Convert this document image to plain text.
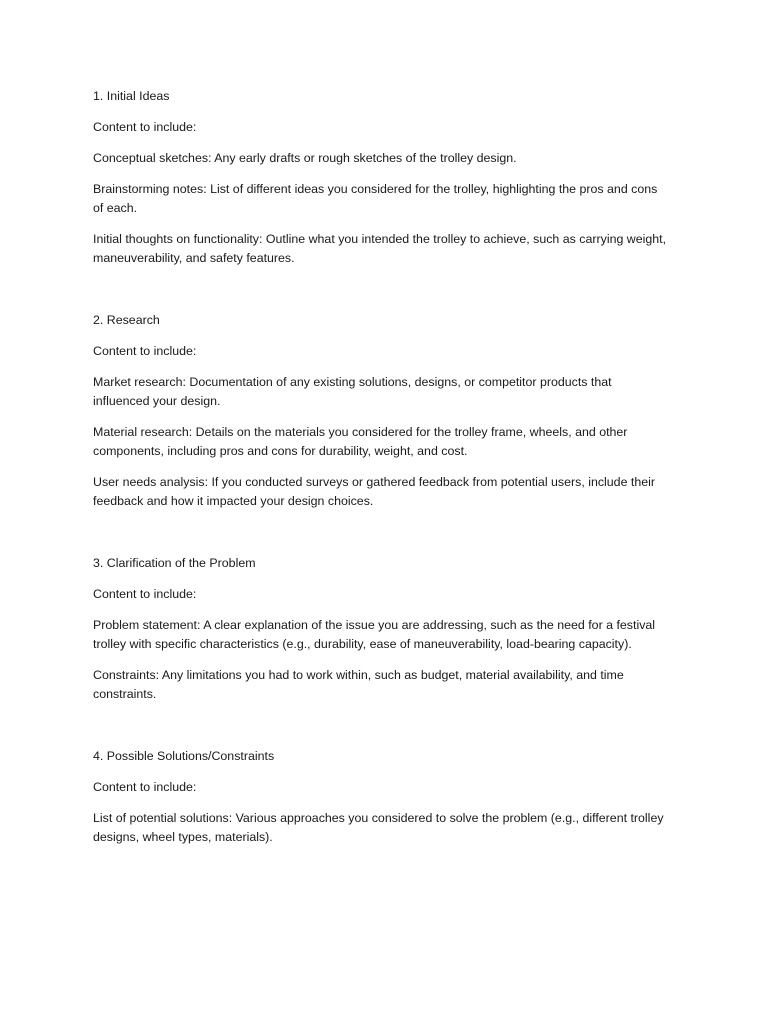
1. Initial Ideas

Content to include:

Conceptual sketches: Any early drafts or rough sketches of the trolley design.

Brainstorming notes: List of different ideas you considered for the trolley, highlighting the pros and cons of each.

Initial thoughts on functionality: Outline what you intended the trolley to achieve, such as carrying weight, maneuverability, and safety features.

2. Research

Content to include:

Market research: Documentation of any existing solutions, designs, or competitor products that influenced your design.

Material research: Details on the materials you considered for the trolley frame, wheels, and other components, including pros and cons for durability, weight, and cost.

User needs analysis: If you conducted surveys or gathered feedback from potential users, include their feedback and how it impacted your design choices.

3. Clarification of the Problem

Content to include:

Problem statement: A clear explanation of the issue you are addressing, such as the need for a festival trolley with specific characteristics (e.g., durability, ease of maneuverability, load-bearing capacity).

Constraints: Any limitations you had to work within, such as budget, material availability, and time constraints.

4. Possible Solutions/Constraints

Content to include:

List of potential solutions: Various approaches you considered to solve the problem (e.g., different trolley designs, wheel types, materials).
